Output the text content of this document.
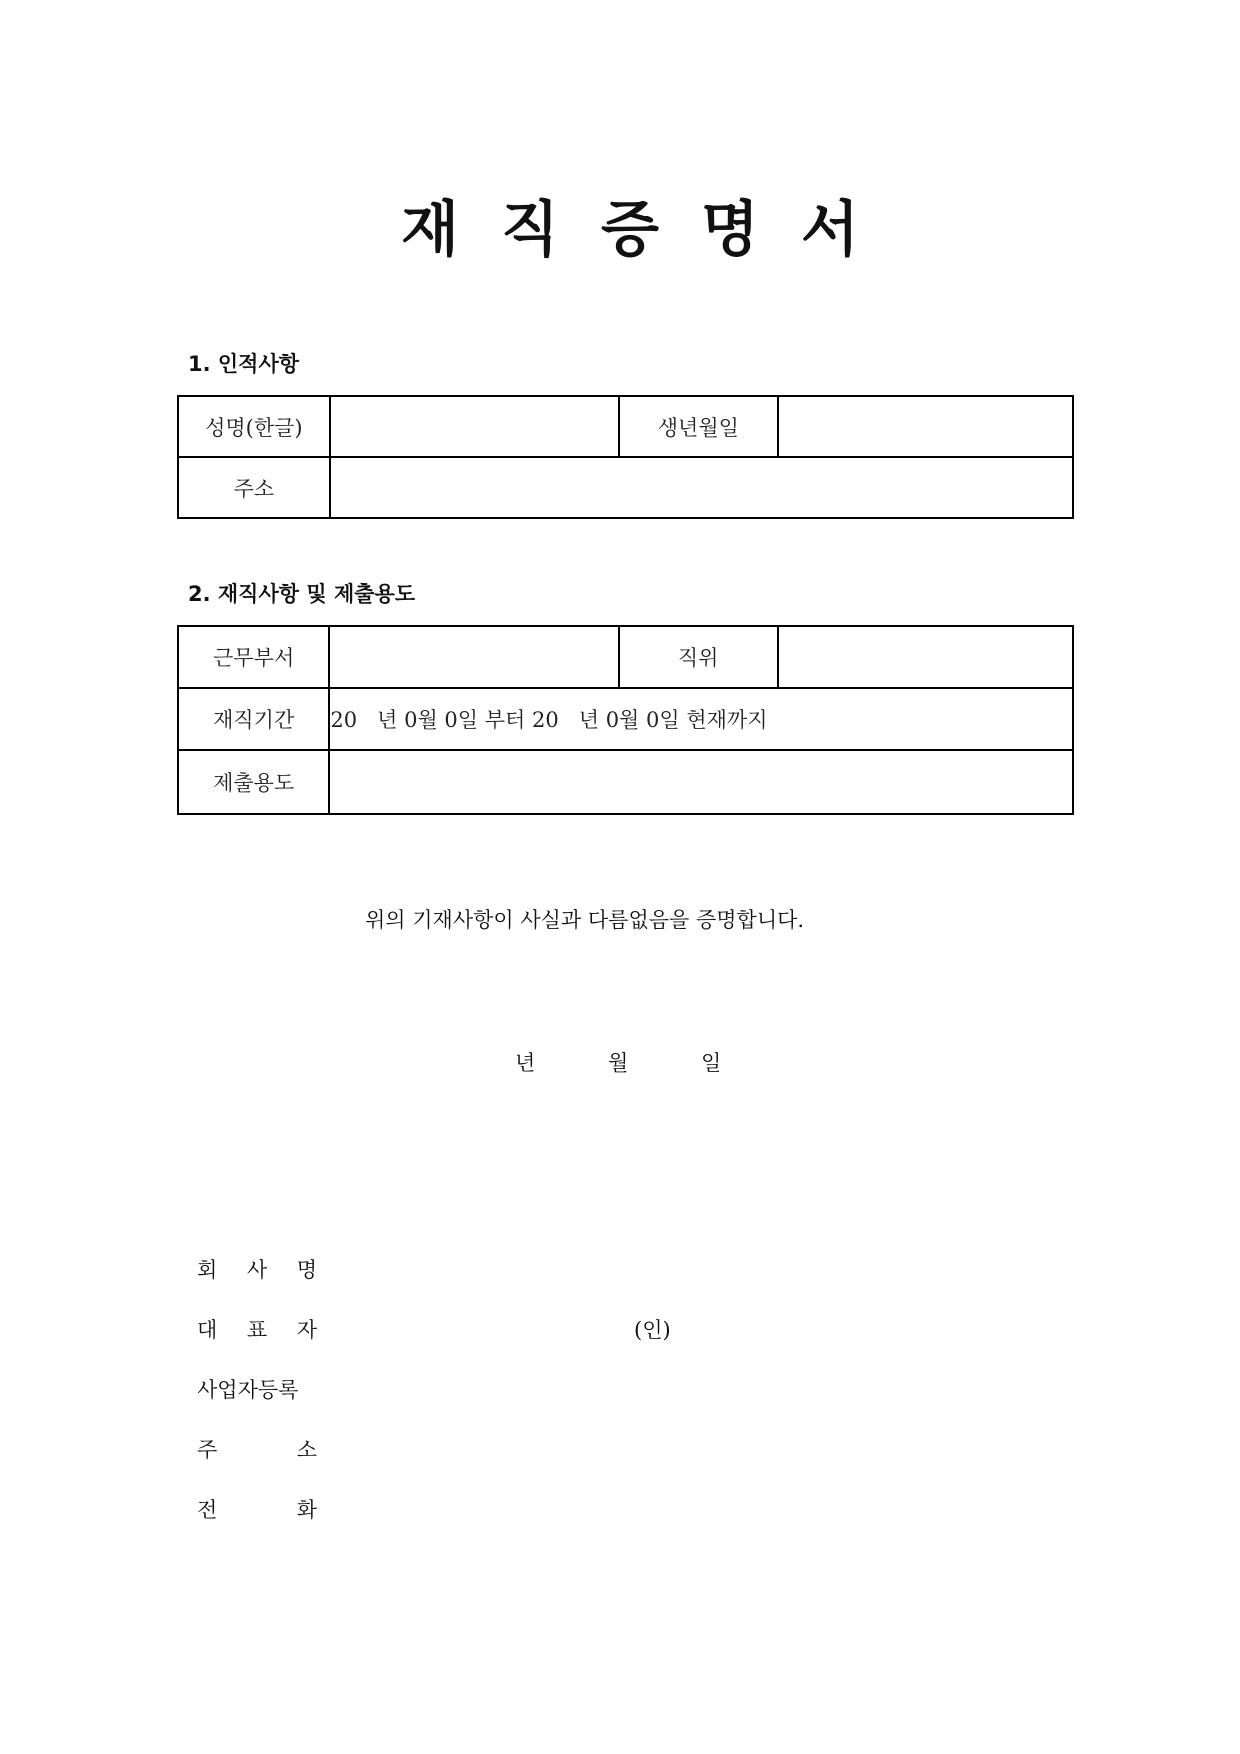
재 직 증 명 서
1. 인적사항
성명(한글)		생년월일	
주소			
2. 재직사항 및 제출용도
근무부서		직위	
재직기간	20   년 0월 0일 부터 20   년 0월 0일 현재까지		
제출용도			
위의 기재사항이 사실과 다름없음을 증명합니다.
년	월	일
회 사 명
대 표 자	(인)
사업자등록
주	소
전	화
